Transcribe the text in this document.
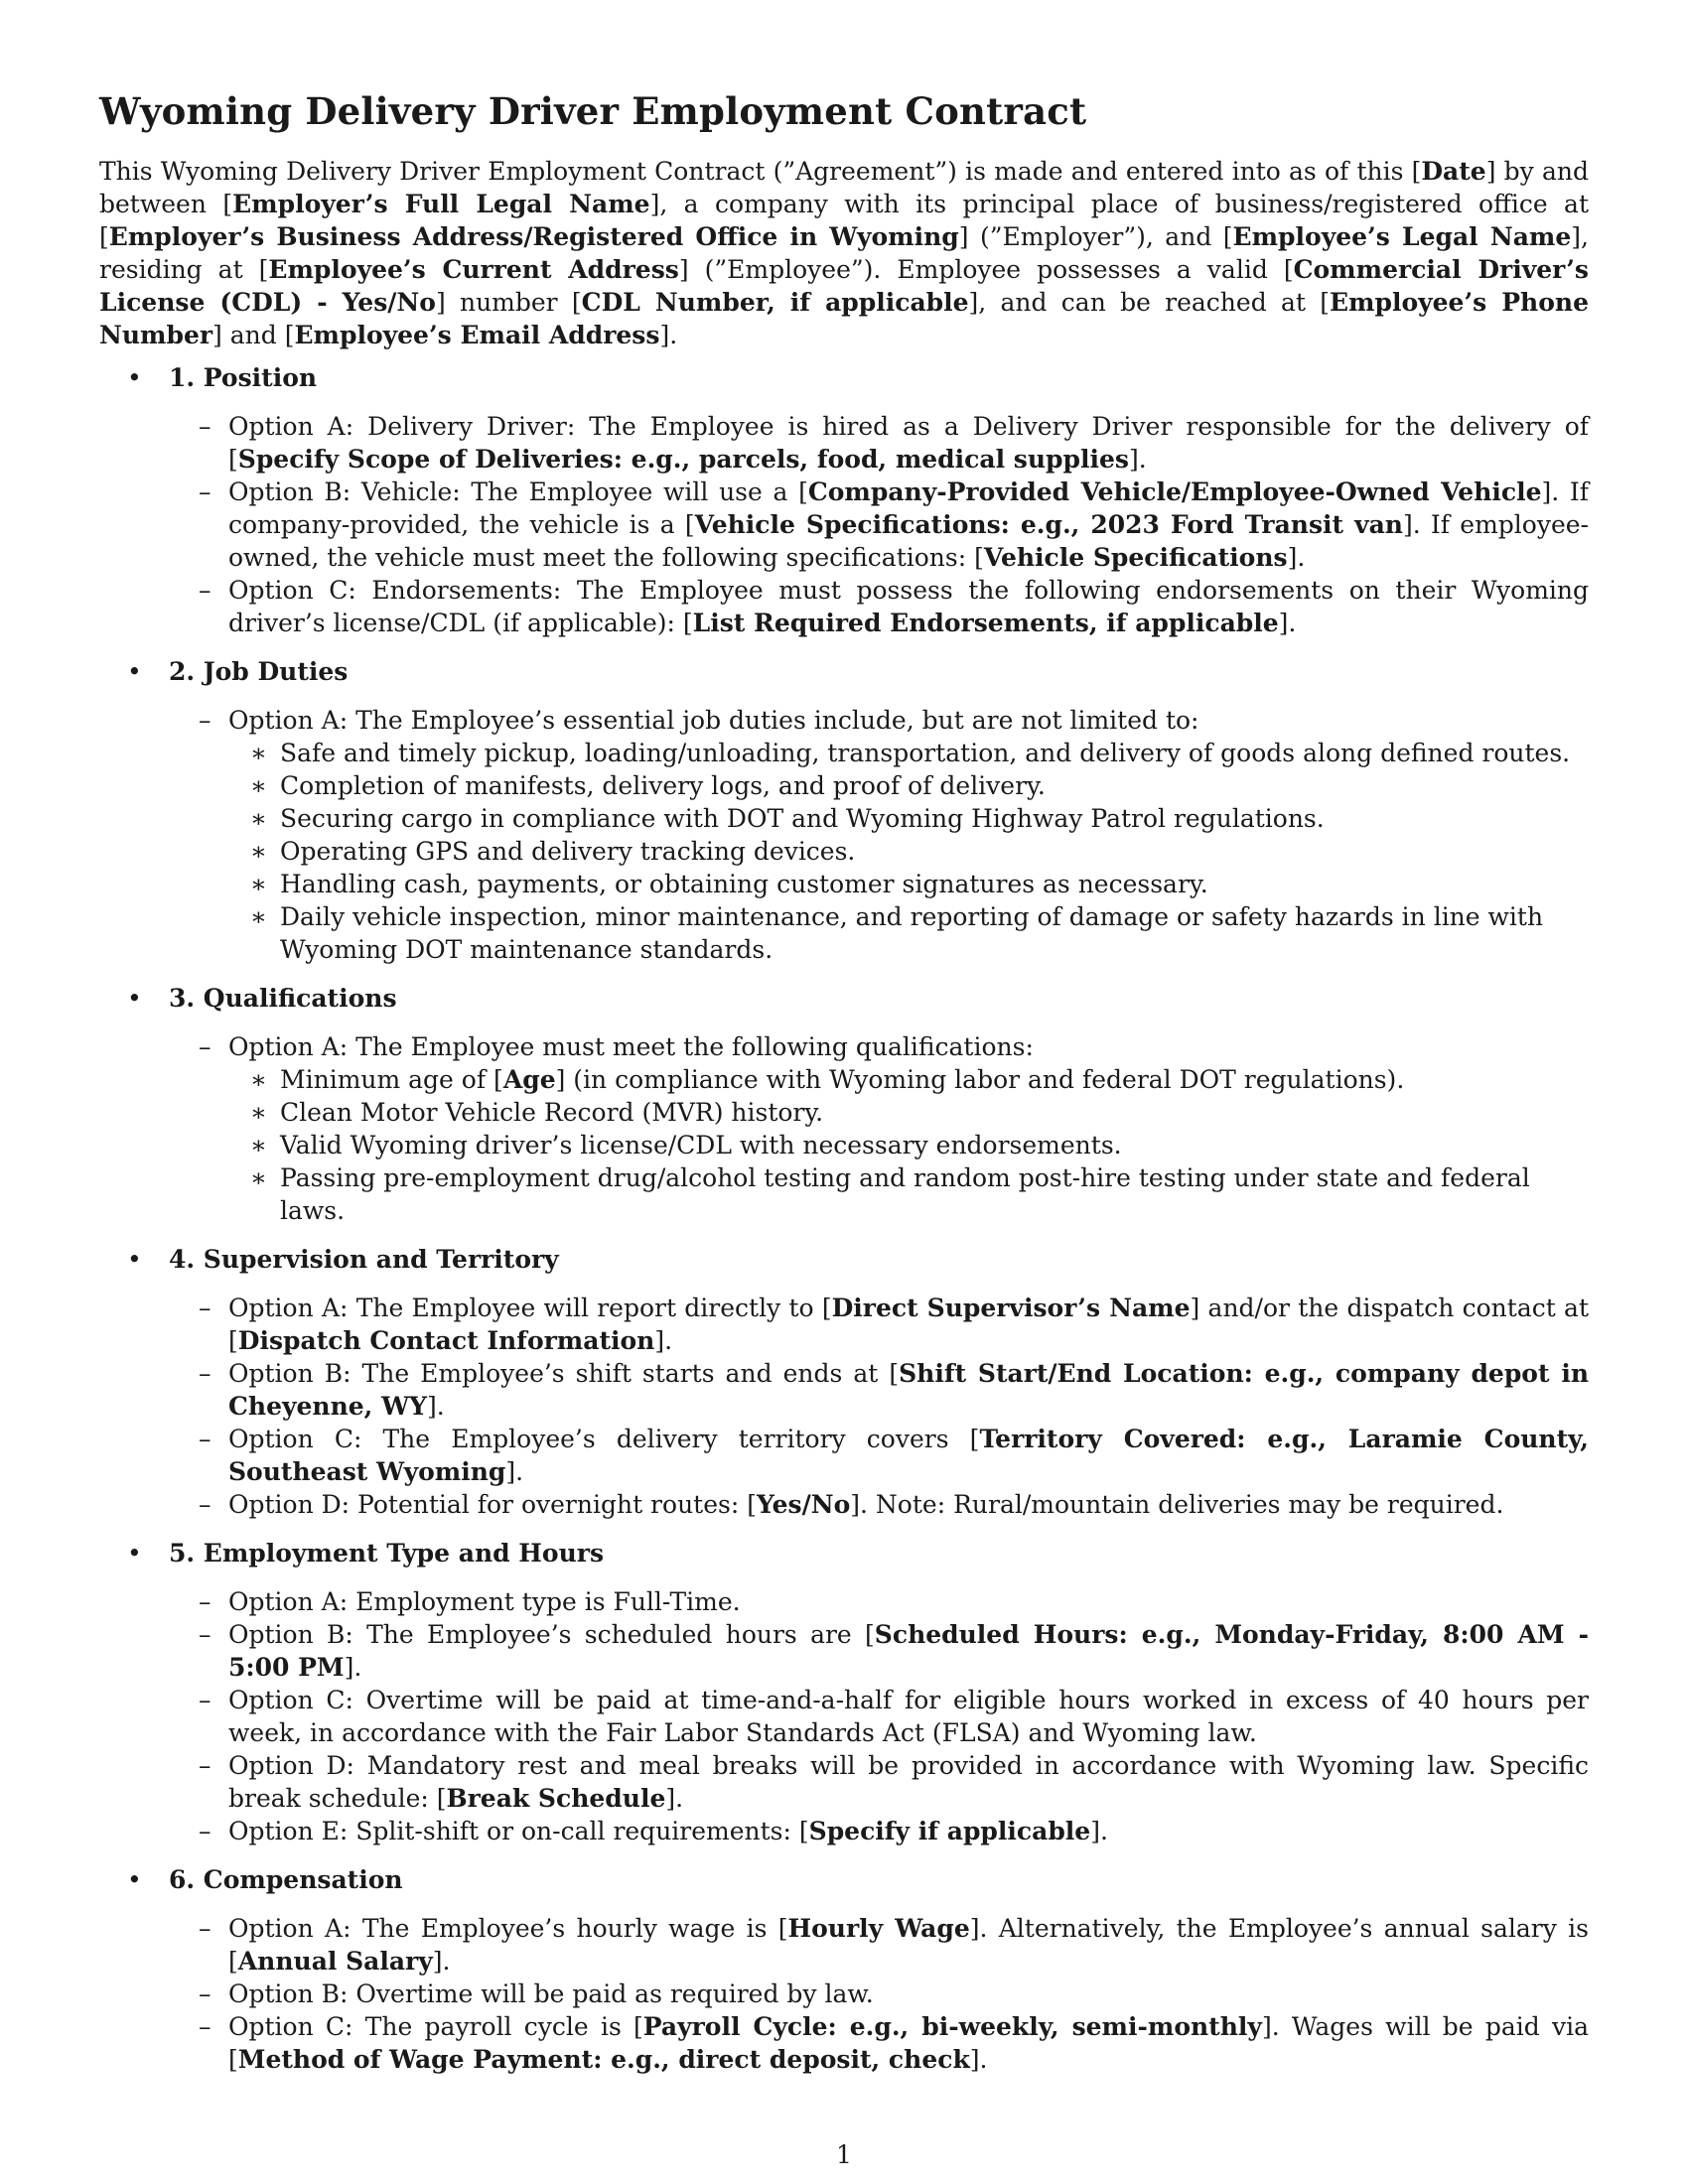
Wyoming Delivery Driver Employment Contract

This Wyoming Delivery Driver Employment Contract (”Agreement”) is made and entered into as of this [Date] by and between [Employer’s Full Legal Name], a company with its principal place of business/registered office at [Employer’s Business Address/Registered Office in Wyoming] (”Employer”), and [Employee’s Legal Name], residing at [Employee’s Current Address] (”Employee”). Employee possesses a valid [Commercial Driver’s License (CDL) - Yes/No] number [CDL Number, if applicable], and can be reached at [Employee’s Phone Number] and [Employee’s Email Address].

• 1. Position
– Option A: Delivery Driver: The Employee is hired as a Delivery Driver responsible for the delivery of [Specify Scope of Deliveries: e.g., parcels, food, medical supplies].
– Option B: Vehicle: The Employee will use a [Company-Provided Vehicle/Employee-Owned Vehicle]. If company-provided, the vehicle is a [Vehicle Specifications: e.g., 2023 Ford Transit van]. If employee-owned, the vehicle must meet the following specifications: [Vehicle Specifications].
– Option C: Endorsements: The Employee must possess the following endorsements on their Wyoming driver’s license/CDL (if applicable): [List Required Endorsements, if applicable].
• 2. Job Duties
– Option A: The Employee’s essential job duties include, but are not limited to:
∗ Safe and timely pickup, loading/unloading, transportation, and delivery of goods along defined routes.
∗ Completion of manifests, delivery logs, and proof of delivery.
∗ Securing cargo in compliance with DOT and Wyoming Highway Patrol regulations.
∗ Operating GPS and delivery tracking devices.
∗ Handling cash, payments, or obtaining customer signatures as necessary.
∗ Daily vehicle inspection, minor maintenance, and reporting of damage or safety hazards in line with Wyoming DOT maintenance standards.
• 3. Qualifications
– Option A: The Employee must meet the following qualifications:
∗ Minimum age of [Age] (in compliance with Wyoming labor and federal DOT regulations).
∗ Clean Motor Vehicle Record (MVR) history.
∗ Valid Wyoming driver’s license/CDL with necessary endorsements.
∗ Passing pre-employment drug/alcohol testing and random post-hire testing under state and federal laws.
• 4. Supervision and Territory
– Option A: The Employee will report directly to [Direct Supervisor’s Name] and/or the dispatch contact at [Dispatch Contact Information].
– Option B: The Employee’s shift starts and ends at [Shift Start/End Location: e.g., company depot in Cheyenne, WY].
– Option C: The Employee’s delivery territory covers [Territory Covered: e.g., Laramie County, Southeast Wyoming].
– Option D: Potential for overnight routes: [Yes/No]. Note: Rural/mountain deliveries may be required.
• 5. Employment Type and Hours
– Option A: Employment type is Full-Time.
– Option B: The Employee’s scheduled hours are [Scheduled Hours: e.g., Monday-Friday, 8:00 AM - 5:00 PM].
– Option C: Overtime will be paid at time-and-a-half for eligible hours worked in excess of 40 hours per week, in accordance with the Fair Labor Standards Act (FLSA) and Wyoming law.
– Option D: Mandatory rest and meal breaks will be provided in accordance with Wyoming law. Specific break schedule: [Break Schedule].
– Option E: Split-shift or on-call requirements: [Specify if applicable].
• 6. Compensation
– Option A: The Employee’s hourly wage is [Hourly Wage]. Alternatively, the Employee’s annual salary is [Annual Salary].
– Option B: Overtime will be paid as required by law.
– Option C: The payroll cycle is [Payroll Cycle: e.g., bi-weekly, semi-monthly]. Wages will be paid via [Method of Wage Payment: e.g., direct deposit, check].
1
